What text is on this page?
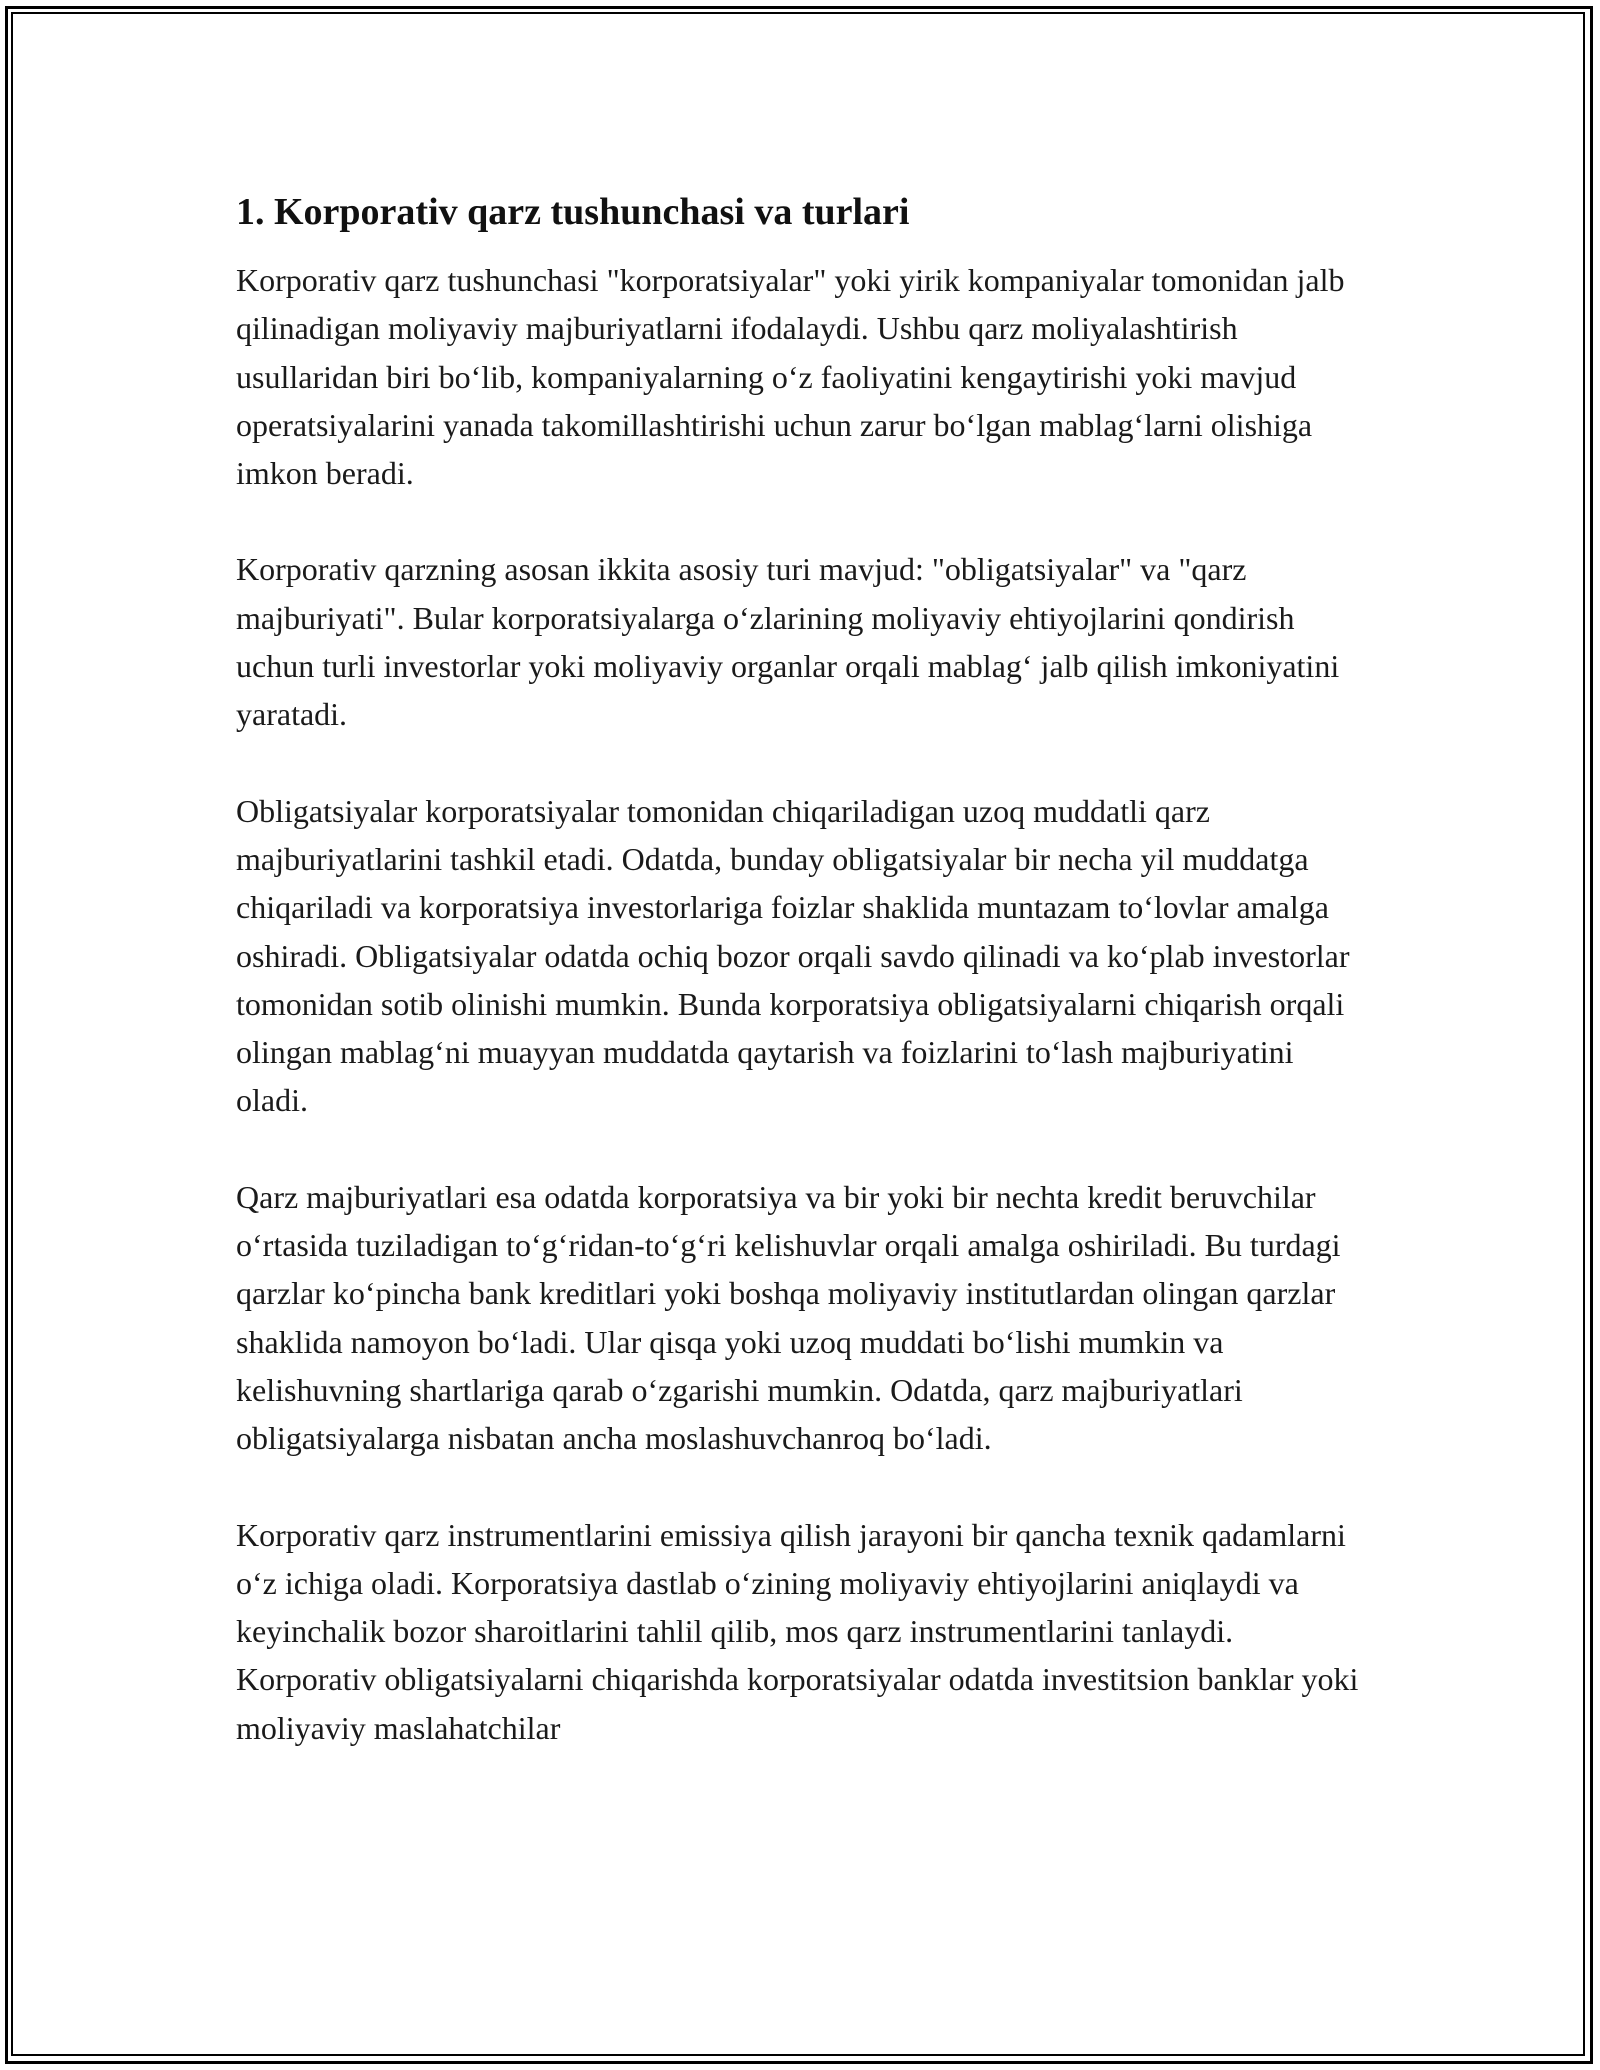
1. Korporativ qarz tushunchasi va turlari

Korporativ qarz tushunchasi "korporatsiyalar" yoki yirik kompaniyalar tomonidan jalb qilinadigan moliyaviy majburiyatlarni ifodalaydi. Ushbu qarz moliyalashtirish usullaridan biri bo‘lib, kompaniyalarning o‘z faoliyatini kengaytirishi yoki mavjud operatsiyalarini yanada takomillashtirishi uchun zarur bo‘lgan mablag‘larni olishiga imkon beradi.

Korporativ qarzning asosan ikkita asosiy turi mavjud: "obligatsiyalar" va "qarz majburiyati". Bular korporatsiyalarga o‘zlarining moliyaviy ehtiyojlarini qondirish uchun turli investorlar yoki moliyaviy organlar orqali mablag‘ jalb qilish imkoniyatini yaratadi.

Obligatsiyalar korporatsiyalar tomonidan chiqariladigan uzoq muddatli qarz majburiyatlarini tashkil etadi. Odatda, bunday obligatsiyalar bir necha yil muddatga chiqariladi va korporatsiya investorlariga foizlar shaklida muntazam to‘lovlar amalga oshiradi. Obligatsiyalar odatda ochiq bozor orqali savdo qilinadi va ko‘plab investorlar tomonidan sotib olinishi mumkin. Bunda korporatsiya obligatsiyalarni chiqarish orqali olingan mablag‘ni muayyan muddatda qaytarish va foizlarini to‘lash majburiyatini oladi.

Qarz majburiyatlari esa odatda korporatsiya va bir yoki bir nechta kredit beruvchilar o‘rtasida tuziladigan to‘g‘ridan-to‘g‘ri kelishuvlar orqali amalga oshiriladi. Bu turdagi qarzlar ko‘pincha bank kreditlari yoki boshqa moliyaviy institutlardan olingan qarzlar shaklida namoyon bo‘ladi. Ular qisqa yoki uzoq muddati bo‘lishi mumkin va kelishuvning shartlariga qarab o‘zgarishi mumkin. Odatda, qarz majburiyatlari obligatsiyalarga nisbatan ancha moslashuvchanroq bo‘ladi.

Korporativ qarz instrumentlarini emissiya qilish jarayoni bir qancha texnik qadamlarni o‘z ichiga oladi. Korporatsiya dastlab o‘zining moliyaviy ehtiyojlarini aniqlaydi va keyinchalik bozor sharoitlarini tahlil qilib, mos qarz instrumentlarini tanlaydi. Korporativ obligatsiyalarni chiqarishda korporatsiyalar odatda investitsion banklar yoki moliyaviy maslahatchilar
